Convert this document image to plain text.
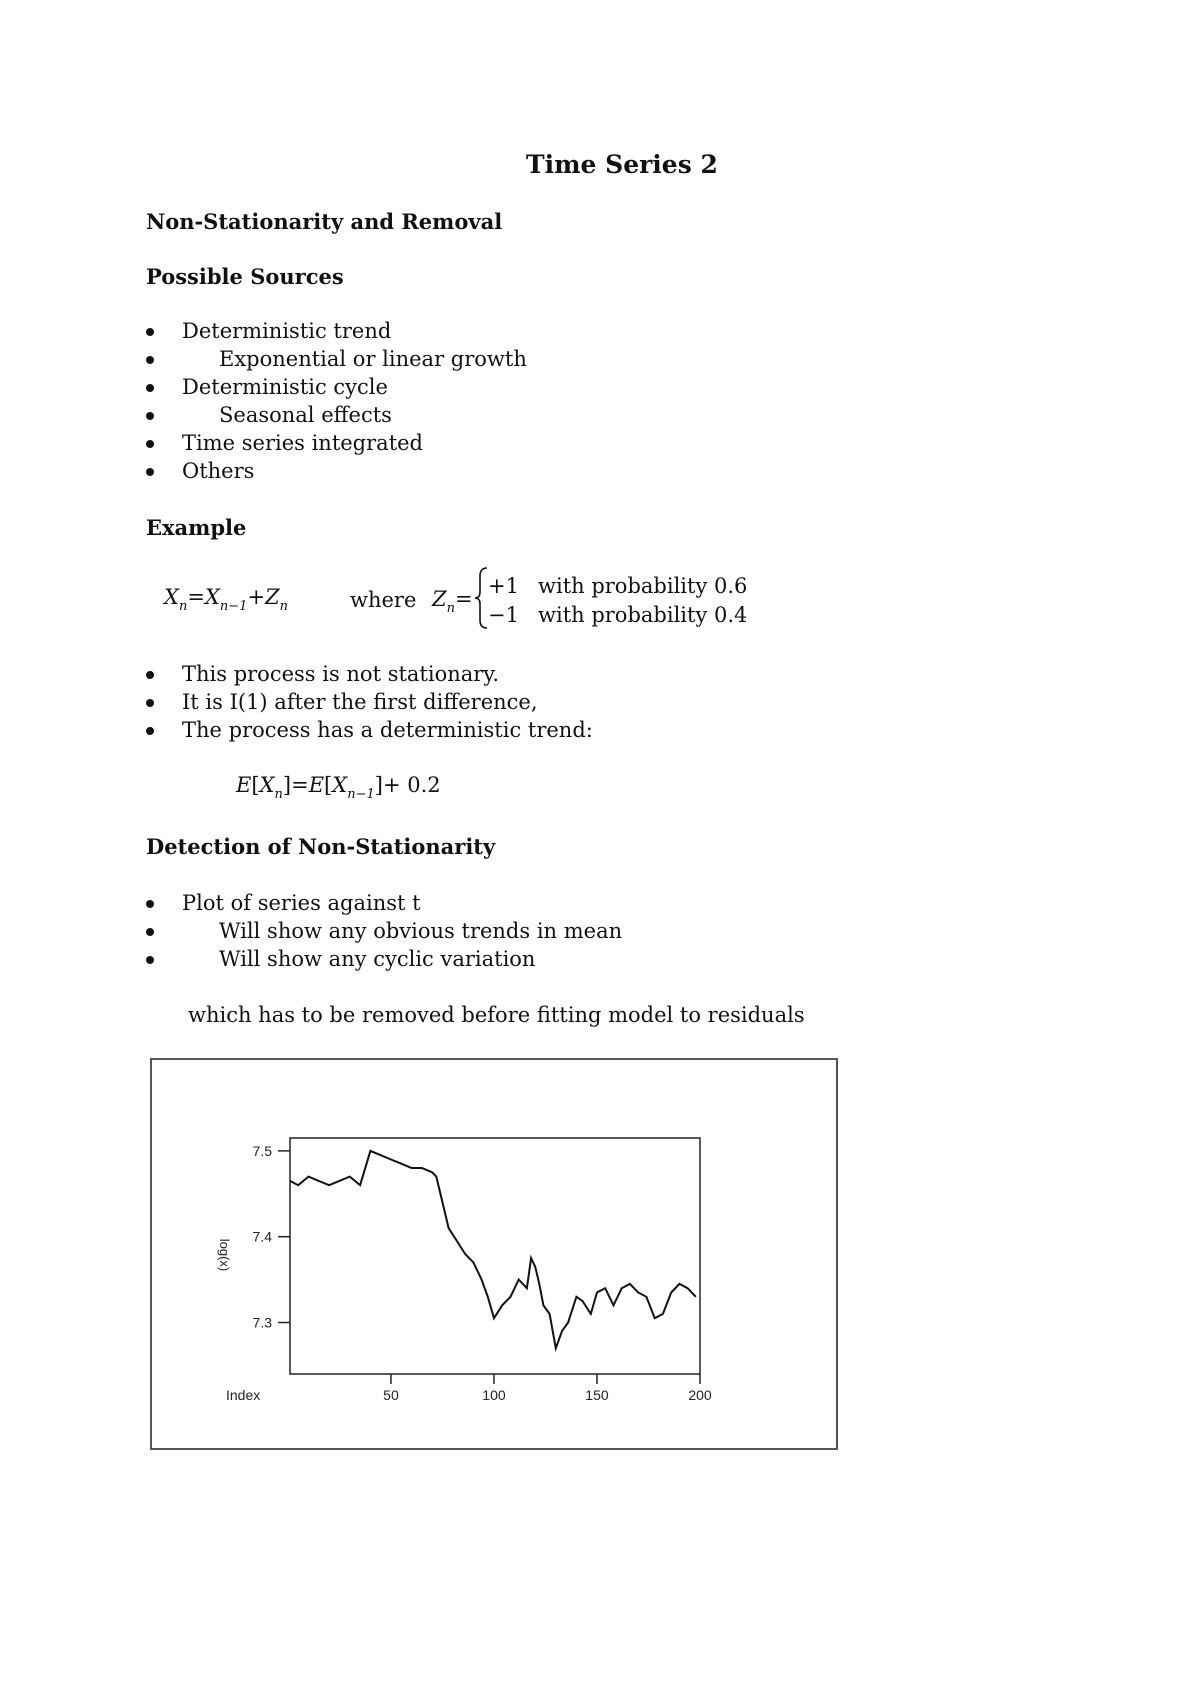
Time Series 2
Non-Stationarity and Removal
Possible Sources
Deterministic trend
Exponential or linear growth
Deterministic cycle
Seasonal effects
Time series integrated
Others
Example
$X_n=X_{n-1}+Z_n$	where $Z_n=$
+1 with probability 0.6
−1 with probability 0.4
This process is not stationary.
It is I(1) after the first difference,
The process has a deterministic trend:
$E[X_n]=E[X_{n-1}]+ 0.2$
Detection of Non-Stationarity
Plot of series against t
Will show any obvious trends in mean
Will show any cyclic variation
which has to be removed before fitting model to residuals
7.3
7.4
7.5
50	100	150	200
Index
log(x)
